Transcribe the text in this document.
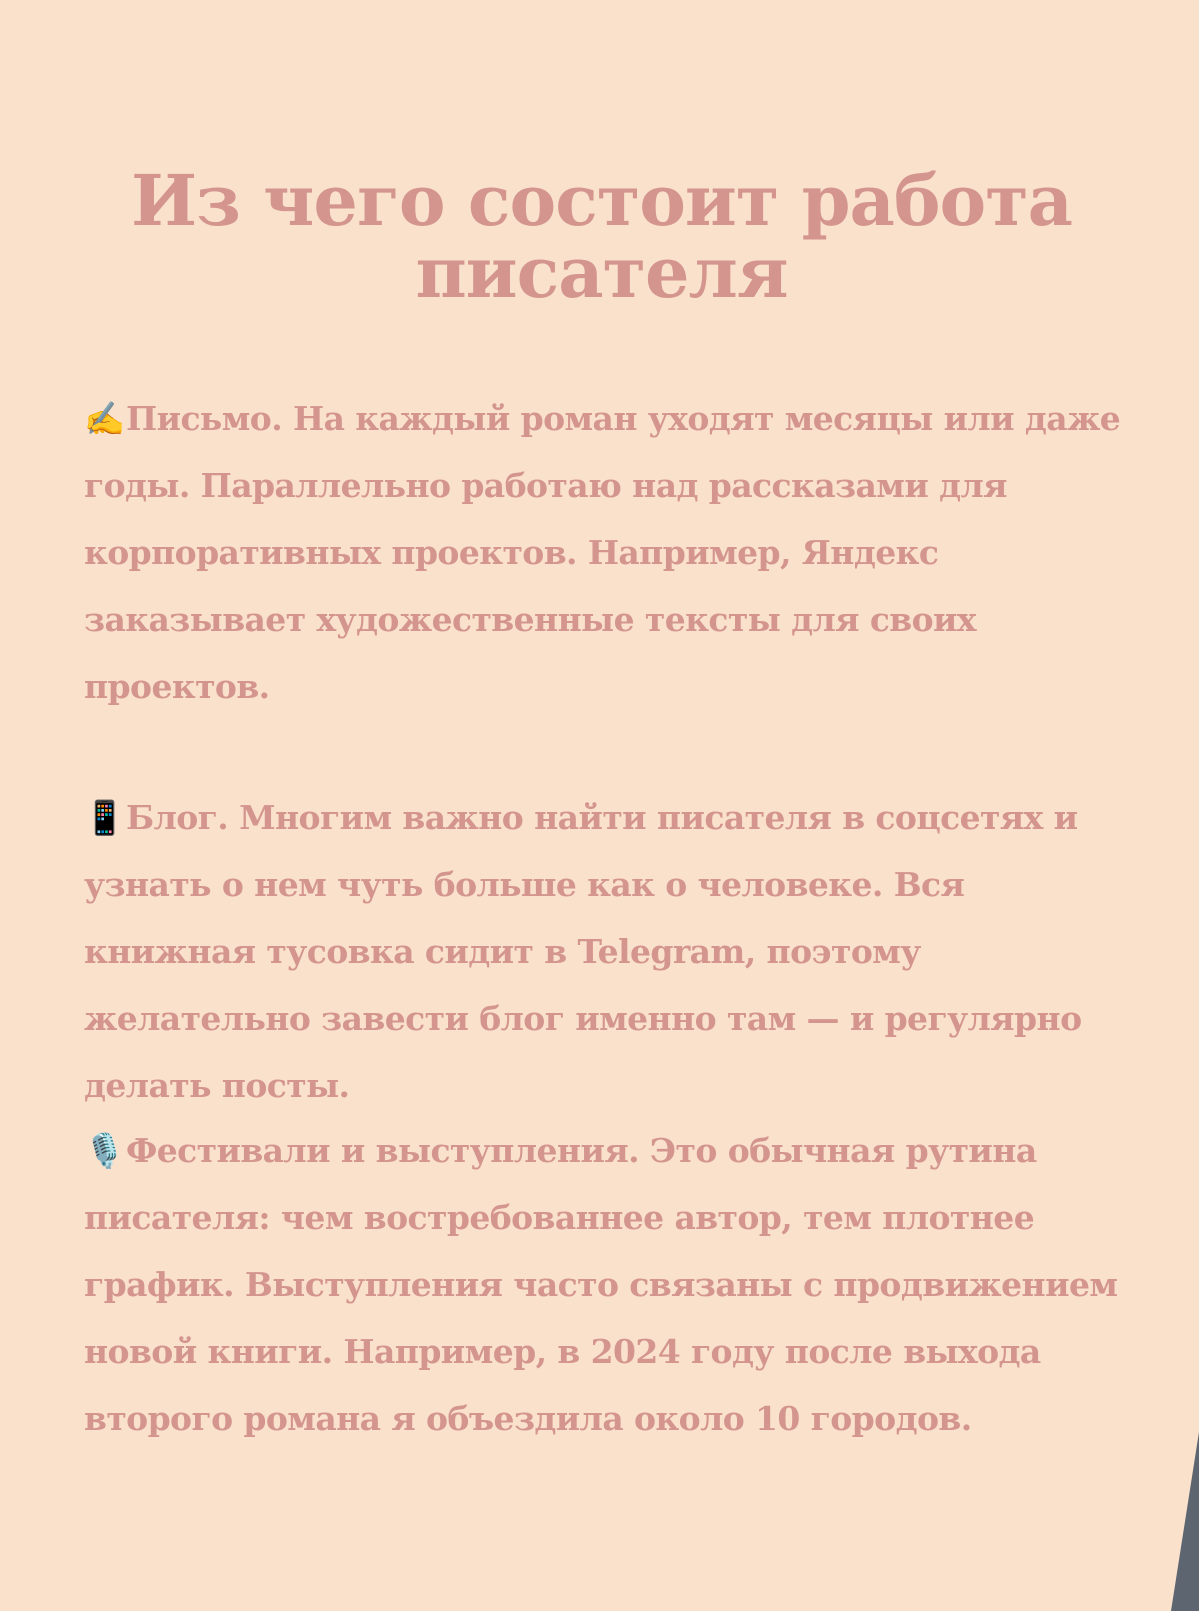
Из чего состоит работа писателя

✍️Письмо. На каждый роман уходят месяцы или даже годы. Параллельно работаю над рассказами для корпоративных проектов. Например, Яндекс заказывает художественные тексты для своих проектов.

📱Блог. Многим важно найти писателя в соцсетях и узнать о нем чуть больше как о человеке. Вся книжная тусовка сидит в Telegram, поэтому желательно завести блог именно там — и регулярно делать посты.

🎙️Фестивали и выступления. Это обычная рутина писателя: чем востребованнее автор, тем плотнее график. Выступления часто связаны с продвижением новой книги. Например, в 2024 году после выхода второго романа я объездила около 10 городов.
